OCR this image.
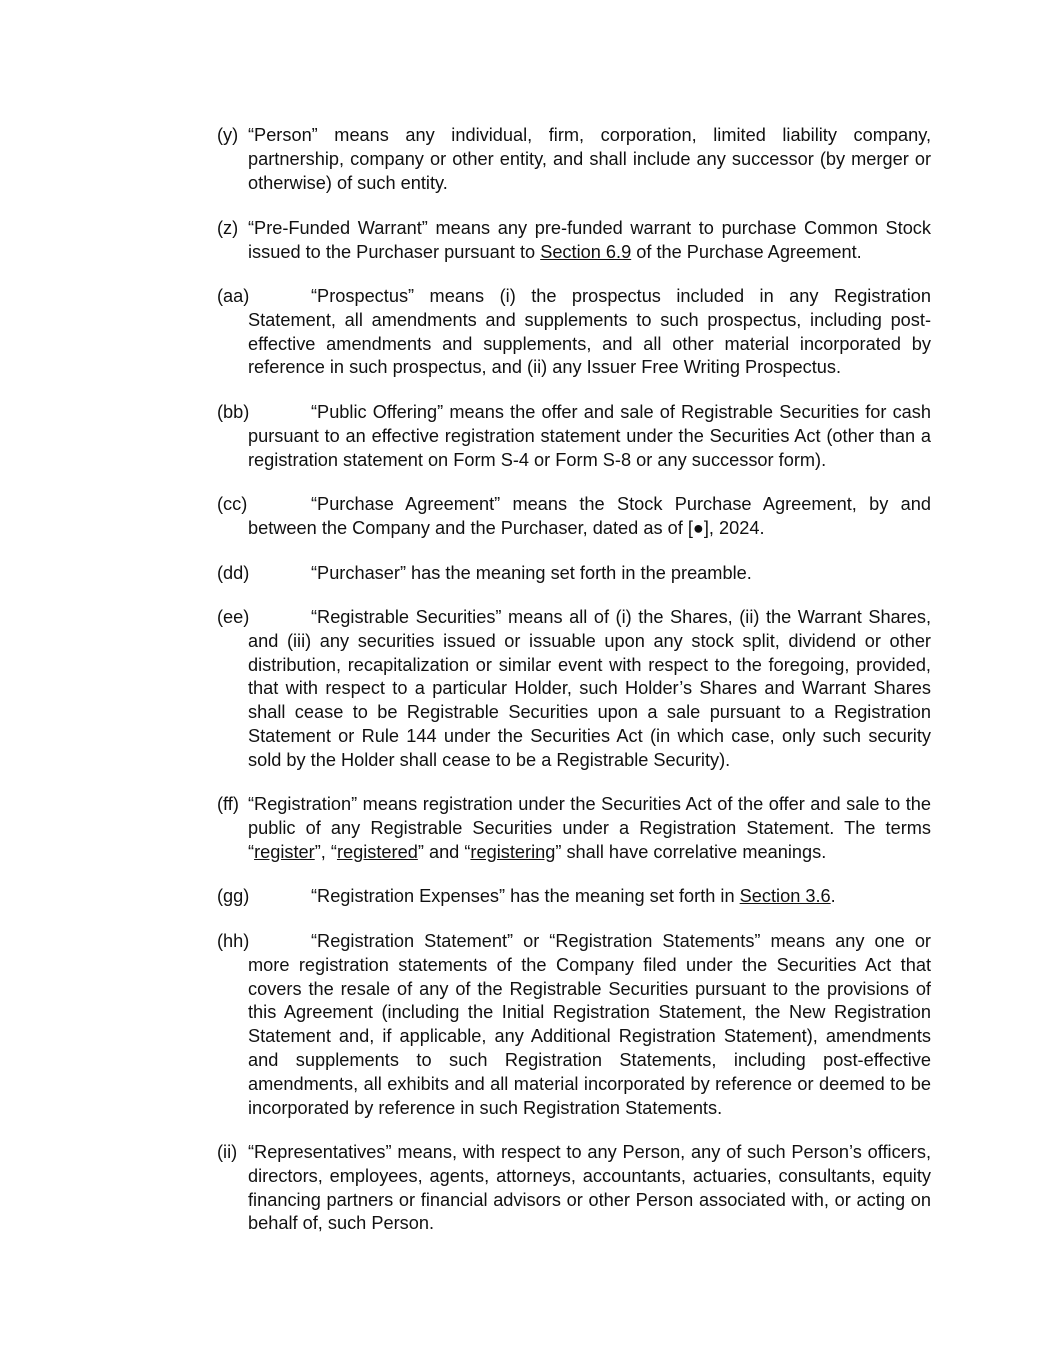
(y) “Person” means any individual, firm, corporation, limited liability company, partnership, company or other entity, and shall include any successor (by merger or otherwise) of such entity.
(z) “Pre-Funded Warrant” means any pre-funded warrant to purchase Common Stock issued to the Purchaser pursuant to Section 6.9 of the Purchase Agreement.
(aa)	“Prospectus” means (i) the prospectus included in any Registration Statement, all amendments and supplements to such prospectus, including post-effective amendments and supplements, and all other material incorporated by reference in such prospectus, and (ii) any Issuer Free Writing Prospectus.
(bb)	“Public Offering” means the offer and sale of Registrable Securities for cash pursuant to an effective registration statement under the Securities Act (other than a registration statement on Form S-4 or Form S-8 or any successor form).
(cc)	“Purchase Agreement” means the Stock Purchase Agreement, by and between the Company and the Purchaser, dated as of [●], 2024.
(dd)	“Purchaser” has the meaning set forth in the preamble.
(ee)	“Registrable Securities” means all of (i) the Shares, (ii) the Warrant Shares, and (iii) any securities issued or issuable upon any stock split, dividend or other distribution, recapitalization or similar event with respect to the foregoing, provided, that with respect to a particular Holder, such Holder’s Shares and Warrant Shares shall cease to be Registrable Securities upon a sale pursuant to a Registration Statement or Rule 144 under the Securities Act (in which case, only such security sold by the Holder shall cease to be a Registrable Security).
(ff) “Registration” means registration under the Securities Act of the offer and sale to the public of any Registrable Securities under a Registration Statement. The terms “register”, “registered” and “registering” shall have correlative meanings.
(gg)	“Registration Expenses” has the meaning set forth in Section 3.6.
(hh)	“Registration Statement” or “Registration Statements” means any one or more registration statements of the Company filed under the Securities Act that covers the resale of any of the Registrable Securities pursuant to the provisions of this Agreement (including the Initial Registration Statement, the New Registration Statement and, if applicable, any Additional Registration Statement), amendments and supplements to such Registration Statements, including post-effective amendments, all exhibits and all material incorporated by reference or deemed to be incorporated by reference in such Registration Statements.
(ii) “Representatives” means, with respect to any Person, any of such Person’s officers, directors, employees, agents, attorneys, accountants, actuaries, consultants, equity financing partners or financial advisors or other Person associated with, or acting on behalf of, such Person.
